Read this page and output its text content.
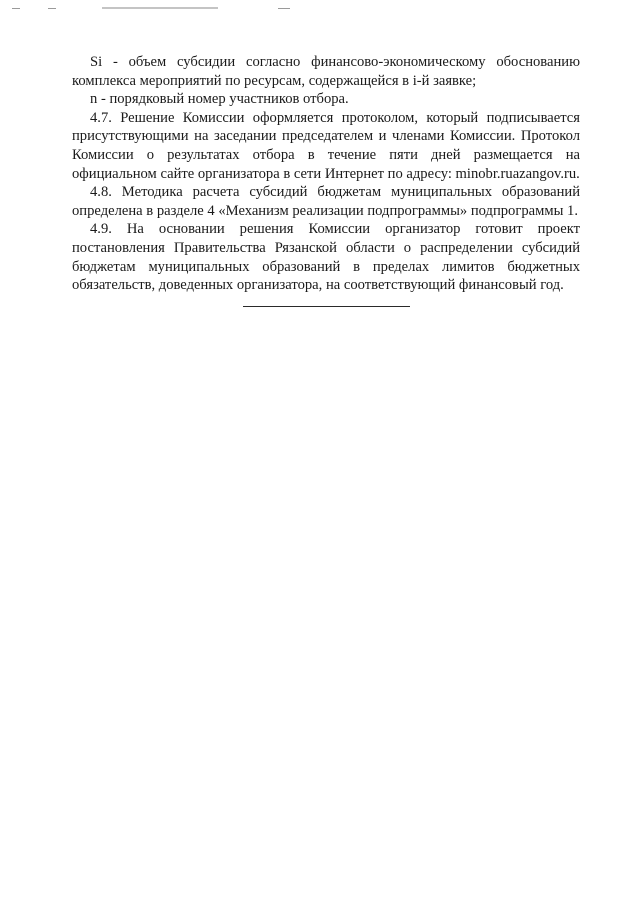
Si - объем субсидии согласно финансово-экономическому обоснованию комплекса мероприятий по ресурсам, содержащейся в i-й заявке;

n - порядковый номер участников отбора.

4.7. Решение Комиссии оформляется протоколом, который подписывается присутствующими на заседании председателем и членами Комиссии. Протокол Комиссии о результатах отбора в течение пяти дней размещается на официальном сайте организатора в сети Интернет по адресу: minobr.ruazangov.ru.

4.8. Методика расчета субсидий бюджетам муниципальных образований определена в разделе 4 «Механизм реализации подпрограммы» подпрограммы 1.

4.9. На основании решения Комиссии организатор готовит проект постановления Правительства Рязанской области о распределении субсидий бюджетам муниципальных образований в пределах лимитов бюджетных обязательств, доведенных организатора, на соответствующий финансовый год.
